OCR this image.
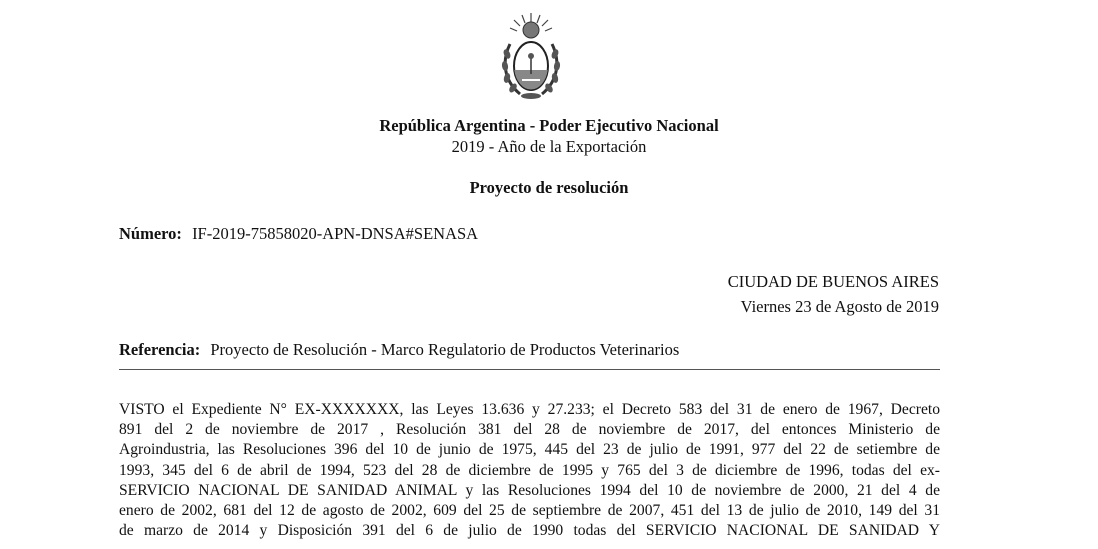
República Argentina - Poder Ejecutivo Nacional
2019 - Año de la Exportación
Proyecto de resolución
Número: IF-2019-75858020-APN-DNSA#SENASA
CIUDAD DE BUENOS AIRES
Viernes 23 de Agosto de 2019
Referencia: Proyecto de Resolución - Marco Regulatorio de Productos Veterinarios
VISTO el Expediente N° EX-XXXXXXX, las Leyes 13.636 y 27.233; el Decreto 583 del 31 de enero de 1967, Decreto
891 del 2 de noviembre de 2017 , Resolución 381 del 28 de noviembre de 2017, del entonces Ministerio de
Agroindustria, las Resoluciones 396 del 10 de junio de 1975, 445 del 23 de julio de 1991, 977 del 22 de setiembre de
1993, 345 del 6 de abril de 1994, 523 del 28 de diciembre de 1995 y 765 del 3 de diciembre de 1996, todas del ex-
SERVICIO NACIONAL DE SANIDAD ANIMAL y las Resoluciones 1994 del 10 de noviembre de 2000, 21 del 4 de
enero de 2002, 681 del 12 de agosto de 2002, 609 del 25 de septiembre de 2007, 451 del 13 de julio de 2010, 149 del 31
de marzo de 2014 y Disposición 391 del 6 de julio de 1990 todas del SERVICIO NACIONAL DE SANIDAD Y
